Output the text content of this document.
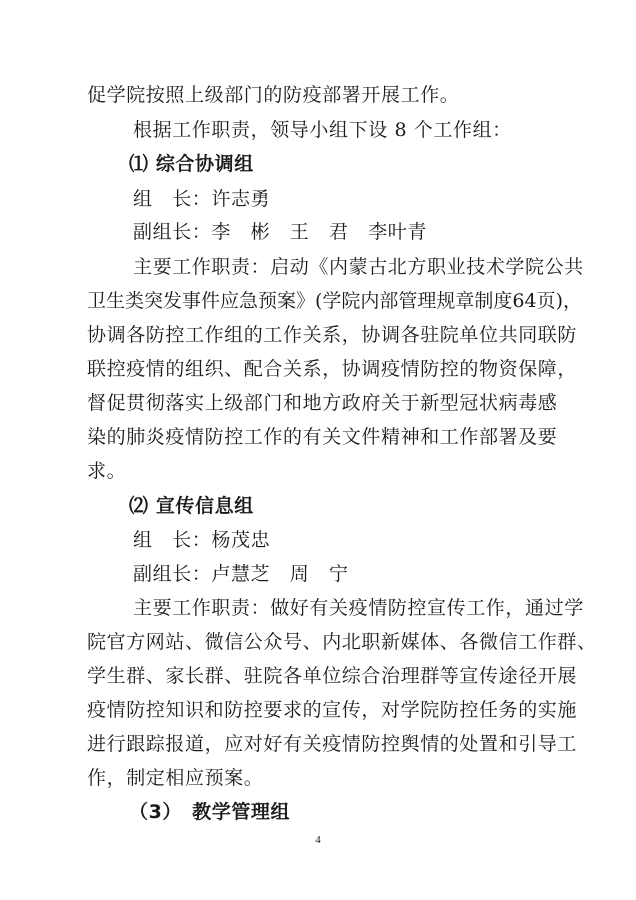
促学院按照上级部门的防疫部署开展工作。
根据工作职责，领导小组下设 8 个工作组：
⑴ 综合协调组
组　长：许志勇
副组长：李　彬　王　君　李叶青
主要工作职责：启动《内蒙古北方职业技术学院公共
卫生类突发事件应急预案》(学院内部管理规章制度64页)，
协调各防控工作组的工作关系，协调各驻院单位共同联防
联控疫情的组织、配合关系，协调疫情防控的物资保障，
督促贯彻落实上级部门和地方政府关于新型冠状病毒感
染的肺炎疫情防控工作的有关文件精神和工作部署及要
求。
⑵ 宣传信息组
组　长：杨茂忠
副组长：卢慧芝　周　宁
主要工作职责：做好有关疫情防控宣传工作，通过学
院官方网站、微信公众号、内北职新媒体、各微信工作群、
学生群、家长群、驻院各单位综合治理群等宣传途径开展
疫情防控知识和防控要求的宣传，对学院防控任务的实施
进行跟踪报道，应对好有关疫情防控舆情的处置和引导工
作，制定相应预案。
（3）　教学管理组
4
